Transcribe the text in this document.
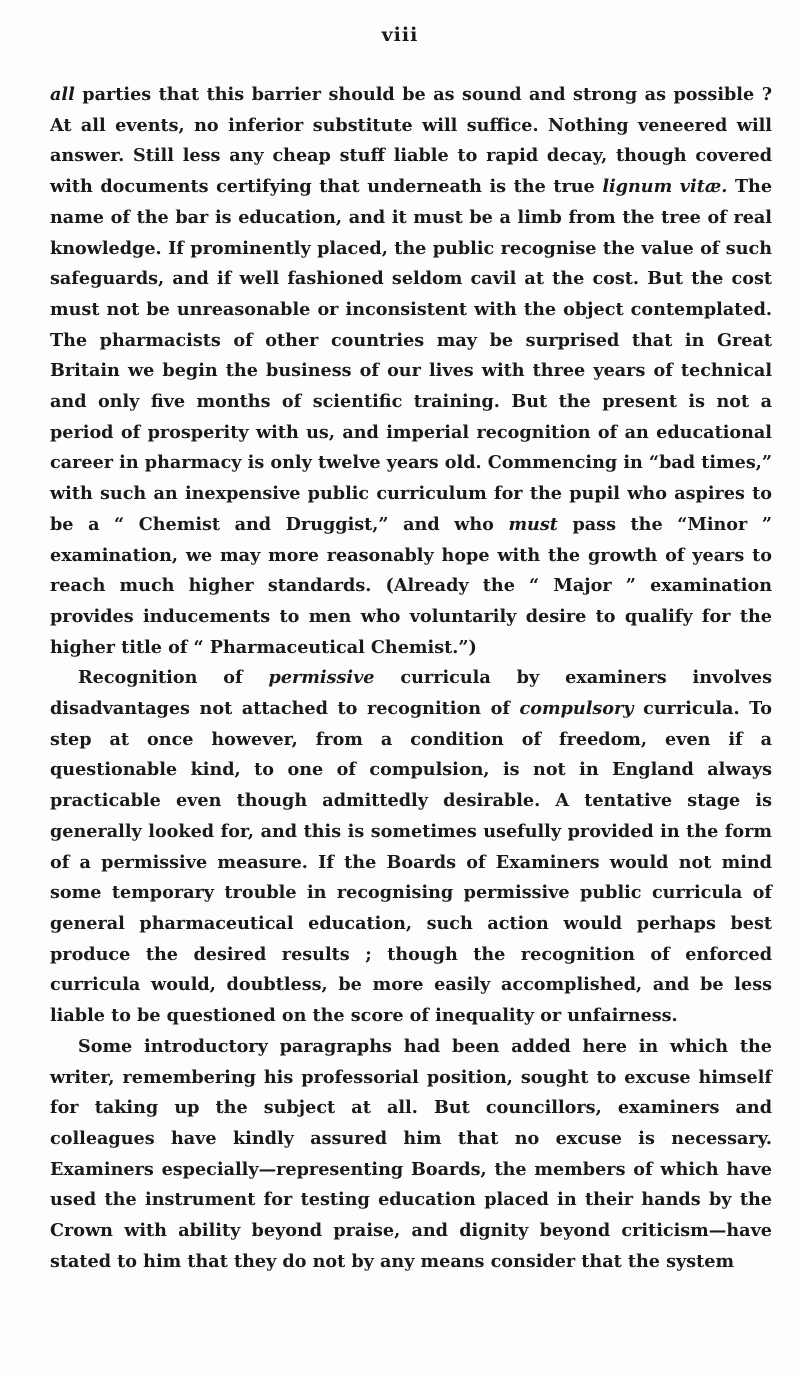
viii

all parties that this barrier should be as sound and strong as possible ? At all events, no inferior substitute will suffice. Nothing veneered will answer. Still less any cheap stuff liable to rapid decay, though covered with documents certifying that underneath is the true lignum vitæ. The name of the bar is education, and it must be a limb from the tree of real knowledge. If prominently placed, the public recognise the value of such safeguards, and if well fashioned seldom cavil at the cost. But the cost must not be unreasonable or inconsistent with the object contemplated. The pharmacists of other countries may be surprised that in Great Britain we begin the business of our lives with three years of technical and only five months of scientific training. But the present is not a period of prosperity with us, and imperial recognition of an educational career in pharmacy is only twelve years old. Commencing in “bad times,” with such an inexpensive public curriculum for the pupil who aspires to be a “ Chemist and Druggist,” and who must pass the “Minor ” examination, we may more reasonably hope with the growth of years to reach much higher standards. (Already the “ Major ” examination provides inducements to men who voluntarily desire to qualify for the higher title of “ Pharmaceutical Chemist.”)

Recognition of permissive curricula by examiners involves disadvantages not attached to recognition of compulsory curricula. To step at once however, from a condition of freedom, even if a questionable kind, to one of compulsion, is not in England always practicable even though admittedly desirable. A tentative stage is generally looked for, and this is sometimes usefully provided in the form of a permissive measure. If the Boards of Examiners would not mind some temporary trouble in recognising permissive public curricula of general pharmaceutical education, such action would perhaps best produce the desired results ; though the recognition of enforced curricula would, doubtless, be more easily accomplished, and be less liable to be questioned on the score of inequality or unfairness.

Some introductory paragraphs had been added here in which the writer, remembering his professorial position, sought to excuse himself for taking up the subject at all. But councillors, examiners and colleagues have kindly assured him that no excuse is necessary. Examiners especially—representing Boards, the members of which have used the instrument for testing education placed in their hands by the Crown with ability beyond praise, and dignity beyond criticism—have stated to him that they do not by any means consider that the system
